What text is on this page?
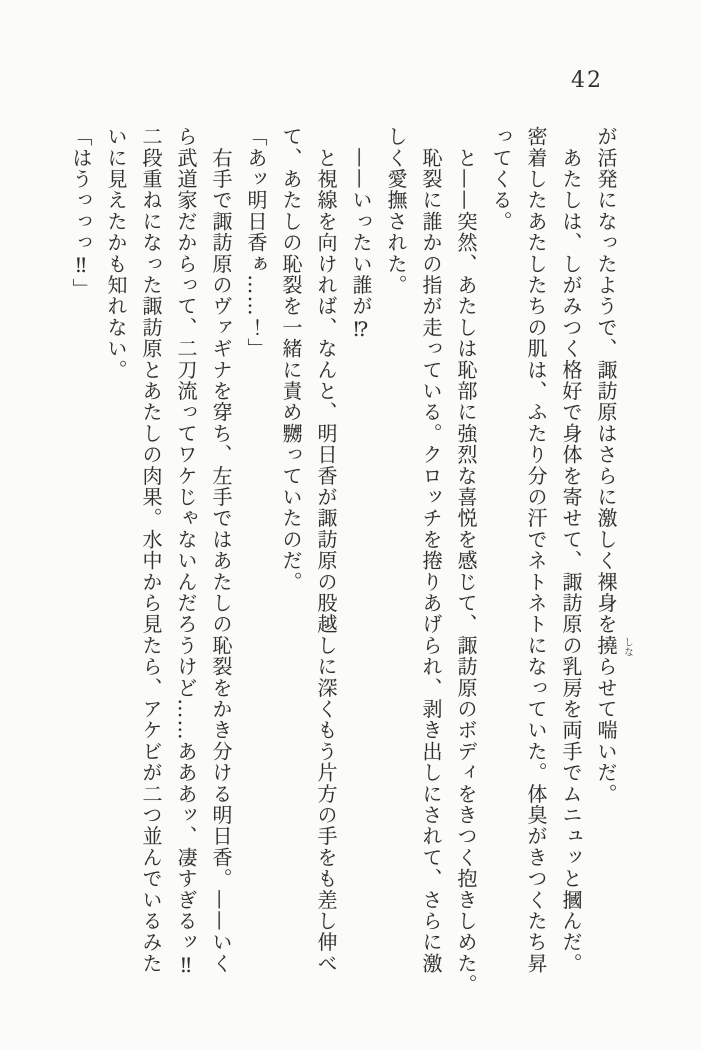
42

が活発になったようで、諏訪原はさらに激しく裸身を撓 しな
らせて喘いだ。

　あたしは、しがみつく格好で身体を寄せて、諏訪原の乳房を両手でムニュッと摑んだ。

密着したあたしたちの肌は、ふたり分の汗でネトネトになっていた。体臭がきつくたち昇

ってくる。

　と——突然、あたしは恥部に強烈な喜悦を感じて、諏訪原のボディをきつく抱きしめた。

　恥裂に誰かの指が走っている。クロッチを捲りあげられ、剥き出しにされて、さらに激

しく愛撫された。

　——いったい誰が⁉

　と視線を向ければ、なんと、明日香が諏訪原の股越しに深くもう片方の手をも差し伸べ

て、あたしの恥裂を一緒に責め嬲っていたのだ。

「あッ明日香ぁ……！」

　右手で諏訪原のヴァギナを穿ち、左手ではあたしの恥裂をかき分ける明日香。——いく

ら武道家だからって、二刀流ってワケじゃないんだろうけど……あああッ、凄すぎるッ‼

二段重ねになった諏訪原とあたしの肉果。水中から見たら、アケビが二つ並んでいるみた

いに見えたかも知れない。

「はうっっっ‼」
